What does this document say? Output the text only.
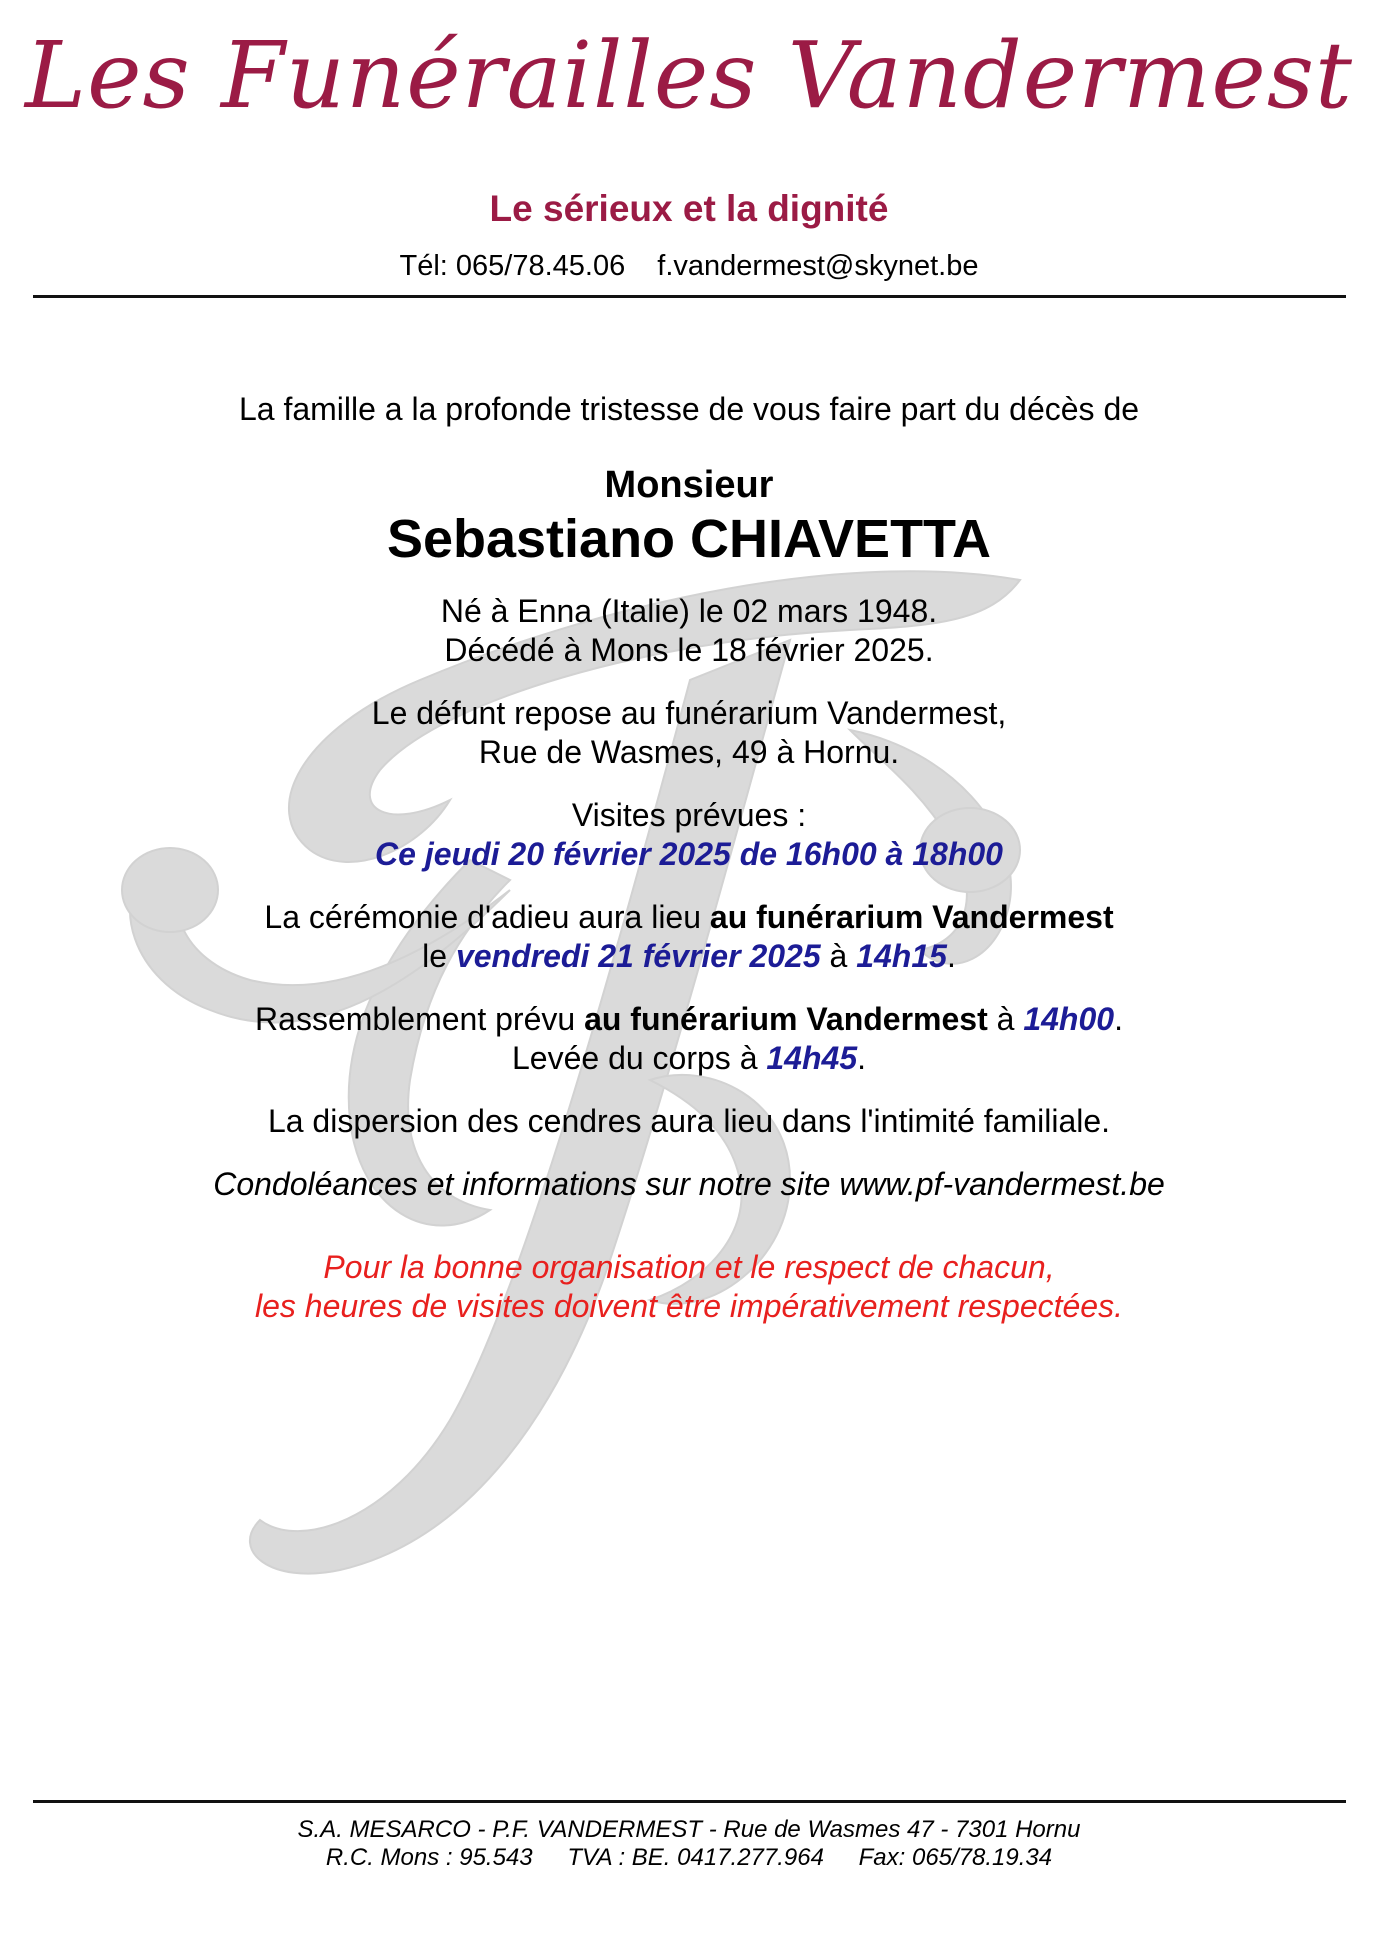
Les Funérailles Vandermest
Le sérieux et la dignité
Tél: 065/78.45.06 f.vandermest@skynet.be

La famille a la profonde tristesse de vous faire part du décès de

Monsieur
Sebastiano CHIAVETTA

Né à Enna (Italie) le 02 mars 1948.

Décédé à Mons le 18 février 2025.

Le défunt repose au funérarium Vandermest,

Rue de Wasmes, 49 à Hornu.

Visites prévues :

Ce jeudi 20 février 2025 de 16h00 à 18h00

La cérémonie d'adieu aura lieu au funérarium Vandermest

le vendredi 21 février 2025 à 14h15.

Rassemblement prévu au funérarium Vandermest à 14h00.

Levée du corps à 14h45.

La dispersion des cendres aura lieu dans l'intimité familiale.

Condoléances et informations sur notre site www.pf-vandermest.be

Pour la bonne organisation et le respect de chacun,

les heures de visites doivent être impérativement respectées.

S.A. MESARCO - P.F. VANDERMEST - Rue de Wasmes 47 - 7301 Hornu
R.C. Mons : 95.543 TVA : BE. 0417.277.964 Fax: 065/78.19.34
